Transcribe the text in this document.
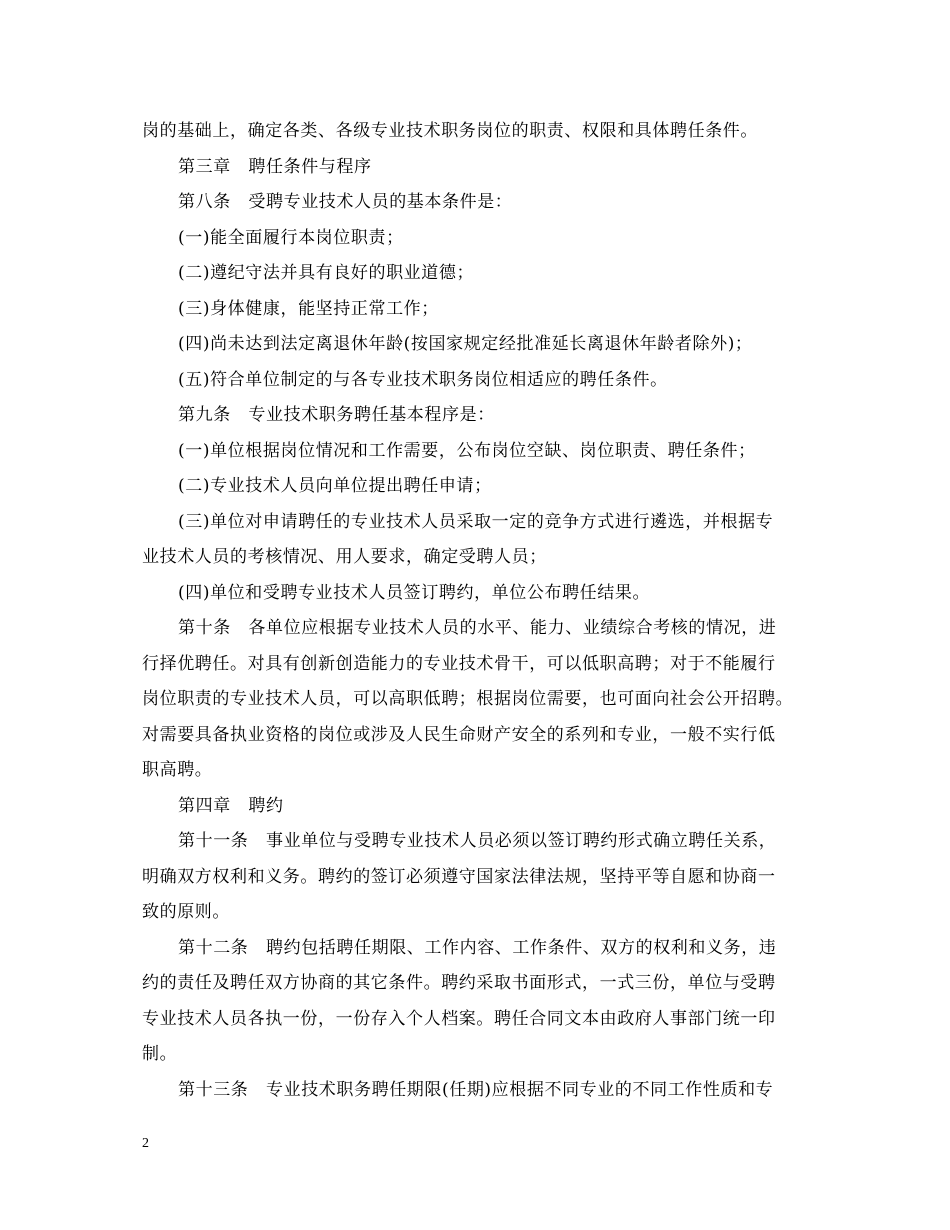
岗的基础上，确定各类、各级专业技术职务岗位的职责、权限和具体聘任条件。
第三章　聘任条件与程序
第八条　受聘专业技术人员的基本条件是：
(一)能全面履行本岗位职责；
(二)遵纪守法并具有良好的职业道德；
(三)身体健康，能坚持正常工作；
(四)尚未达到法定离退休年龄(按国家规定经批准延长离退休年龄者除外)；
(五)符合单位制定的与各专业技术职务岗位相适应的聘任条件。
第九条　专业技术职务聘任基本程序是：
(一)单位根据岗位情况和工作需要，公布岗位空缺、岗位职责、聘任条件；
(二)专业技术人员向单位提出聘任申请；
(三)单位对申请聘任的专业技术人员采取一定的竞争方式进行遴选，并根据专
业技术人员的考核情况、用人要求，确定受聘人员；
(四)单位和受聘专业技术人员签订聘约，单位公布聘任结果。
第十条　各单位应根据专业技术人员的水平、能力、业绩综合考核的情况，进
行择优聘任。对具有创新创造能力的专业技术骨干，可以低职高聘；对于不能履行
岗位职责的专业技术人员，可以高职低聘；根据岗位需要，也可面向社会公开招聘。
对需要具备执业资格的岗位或涉及人民生命财产安全的系列和专业，一般不实行低
职高聘。
第四章　聘约
第十一条　事业单位与受聘专业技术人员必须以签订聘约形式确立聘任关系，
明确双方权利和义务。聘约的签订必须遵守国家法律法规，坚持平等自愿和协商一
致的原则。
第十二条　聘约包括聘任期限、工作内容、工作条件、双方的权利和义务，违
约的责任及聘任双方协商的其它条件。聘约采取书面形式，一式三份，单位与受聘
专业技术人员各执一份，一份存入个人档案。聘任合同文本由政府人事部门统一印
制。
第十三条　专业技术职务聘任期限(任期)应根据不同专业的不同工作性质和专
2
